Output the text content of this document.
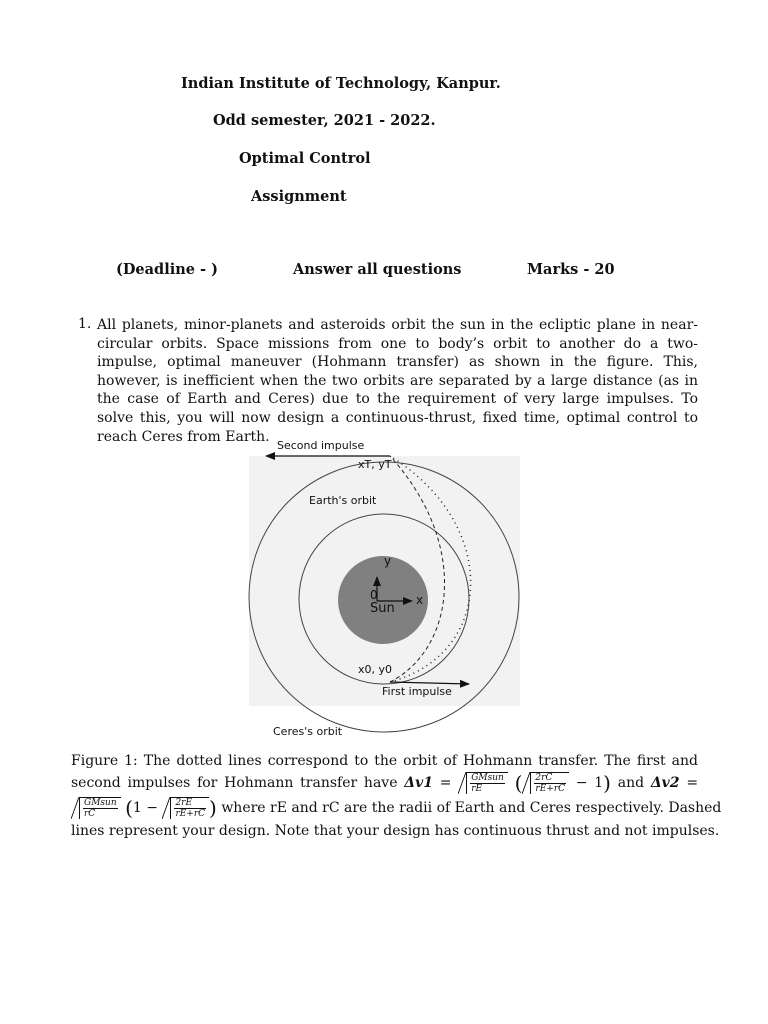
Indian Institute of Technology, Kanpur.
Odd semester, 2021 - 2022.
Optimal Control
Assignment
(Deadline - )	Answer all questions	Marks - 20
1. All planets, minor-planets and asteroids orbit the sun in the ecliptic plane in near-circular orbits. Space missions from one to body’s orbit to another do a two-impulse, optimal maneuver (Hohmann transfer) as shown in the figure. This, however, is inefficient when the two orbits are separated by a large distance (as in the case of Earth and Ceres) due to the requirement of very large impulses. To solve this, you will now design a continuous-thrust, fixed time, optimal control to reach Ceres from Earth.
Second impulse
xT, yT
Earth's orbit
y
x
0
Sun
x0, y0
First impulse
Ceres's orbit
Figure 1: The dotted lines correspond to the orbit of Hohmann transfer. The first and
second impulses for Hohmann transfer have $\Delta v1 = \frac{\text{GMsun}}{rE}$ ( $\frac{2rC}{rE+rC} - 1$) and Δv2 =
$\frac{\text{GMsun}}{rC} (1 - \frac{2rE}{rE+rC}$ ) where rE and rC are the radii of Earth and Ceres respectively. Dashed
lines represent your design. Note that your design has continuous thrust and not impulses.
